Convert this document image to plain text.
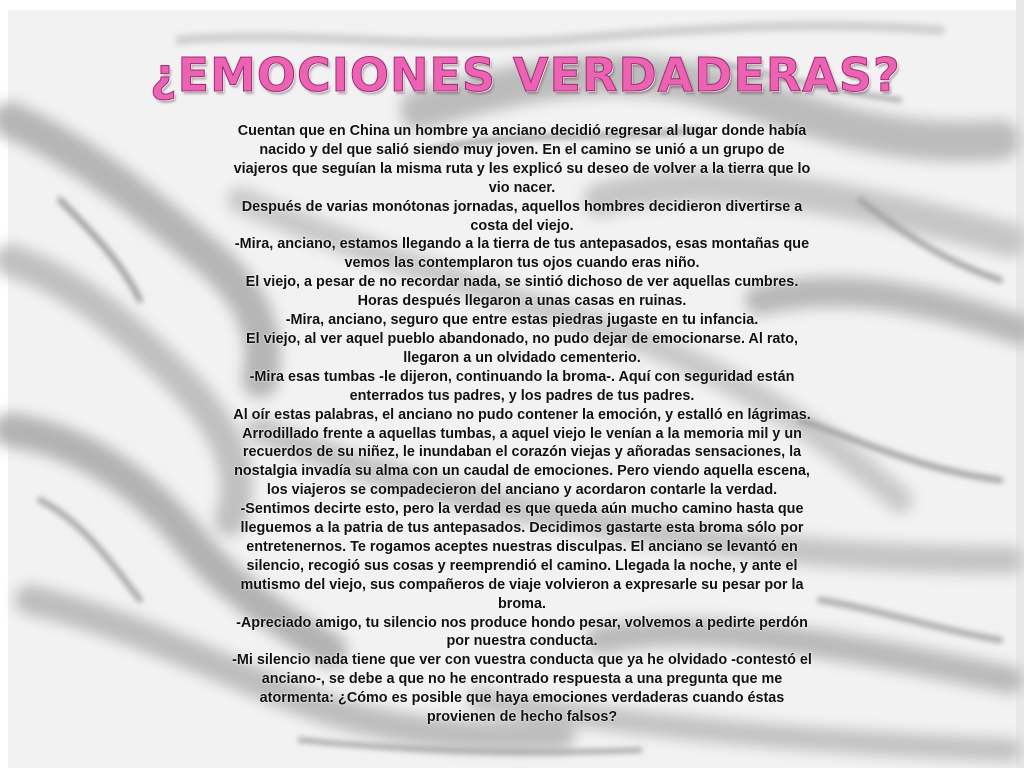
¿EMOCIONES VERDADERAS?

Cuentan que en China un hombre ya anciano decidió regresar al lugar donde había nacido y del que salió siendo muy joven. En el camino se unió a un grupo de viajeros que seguían la misma ruta y les explicó su deseo de volver a la tierra que lo vio nacer.

Después de varias monótonas jornadas, aquellos hombres decidieron divertirse a costa del viejo.

-Mira, anciano, estamos llegando a la tierra de tus antepasados, esas montañas que vemos las contemplaron tus ojos cuando eras niño.

El viejo, a pesar de no recordar nada, se sintió dichoso de ver aquellas cumbres. Horas después llegaron a unas casas en ruinas.

-Mira, anciano, seguro que entre estas piedras jugaste en tu infancia.

El viejo, al ver aquel pueblo abandonado, no pudo dejar de emocionarse. Al rato, llegaron a un olvidado cementerio.

-Mira esas tumbas -le dijeron, continuando la broma-. Aquí con seguridad están enterrados tus padres, y los padres de tus padres.

Al oír estas palabras, el anciano no pudo contener la emoción, y estalló en lágrimas. Arrodillado frente a aquellas tumbas, a aquel viejo le venían a la memoria mil y un recuerdos de su niñez, le inundaban el corazón viejas y añoradas sensaciones, la nostalgia invadía su alma con un caudal de emociones. Pero viendo aquella escena, los viajeros se compadecieron del anciano y acordaron contarle la verdad.

-Sentimos decirte esto, pero la verdad es que queda aún mucho camino hasta que lleguemos a la patria de tus antepasados. Decidimos gastarte esta broma sólo por entretenernos. Te rogamos aceptes nuestras disculpas. El anciano se levantó en silencio, recogió sus cosas y reemprendió el camino. Llegada la noche, y ante el mutismo del viejo, sus compañeros de viaje volvieron a expresarle su pesar por la broma.

-Apreciado amigo, tu silencio nos produce hondo pesar, volvemos a pedirte perdón por nuestra conducta.

-Mi silencio nada tiene que ver con vuestra conducta que ya he olvidado -contestó el anciano-, se debe a que no he encontrado respuesta a una pregunta que me atormenta: ¿Cómo es posible que haya emociones verdaderas cuando éstas provienen de hecho falsos?
